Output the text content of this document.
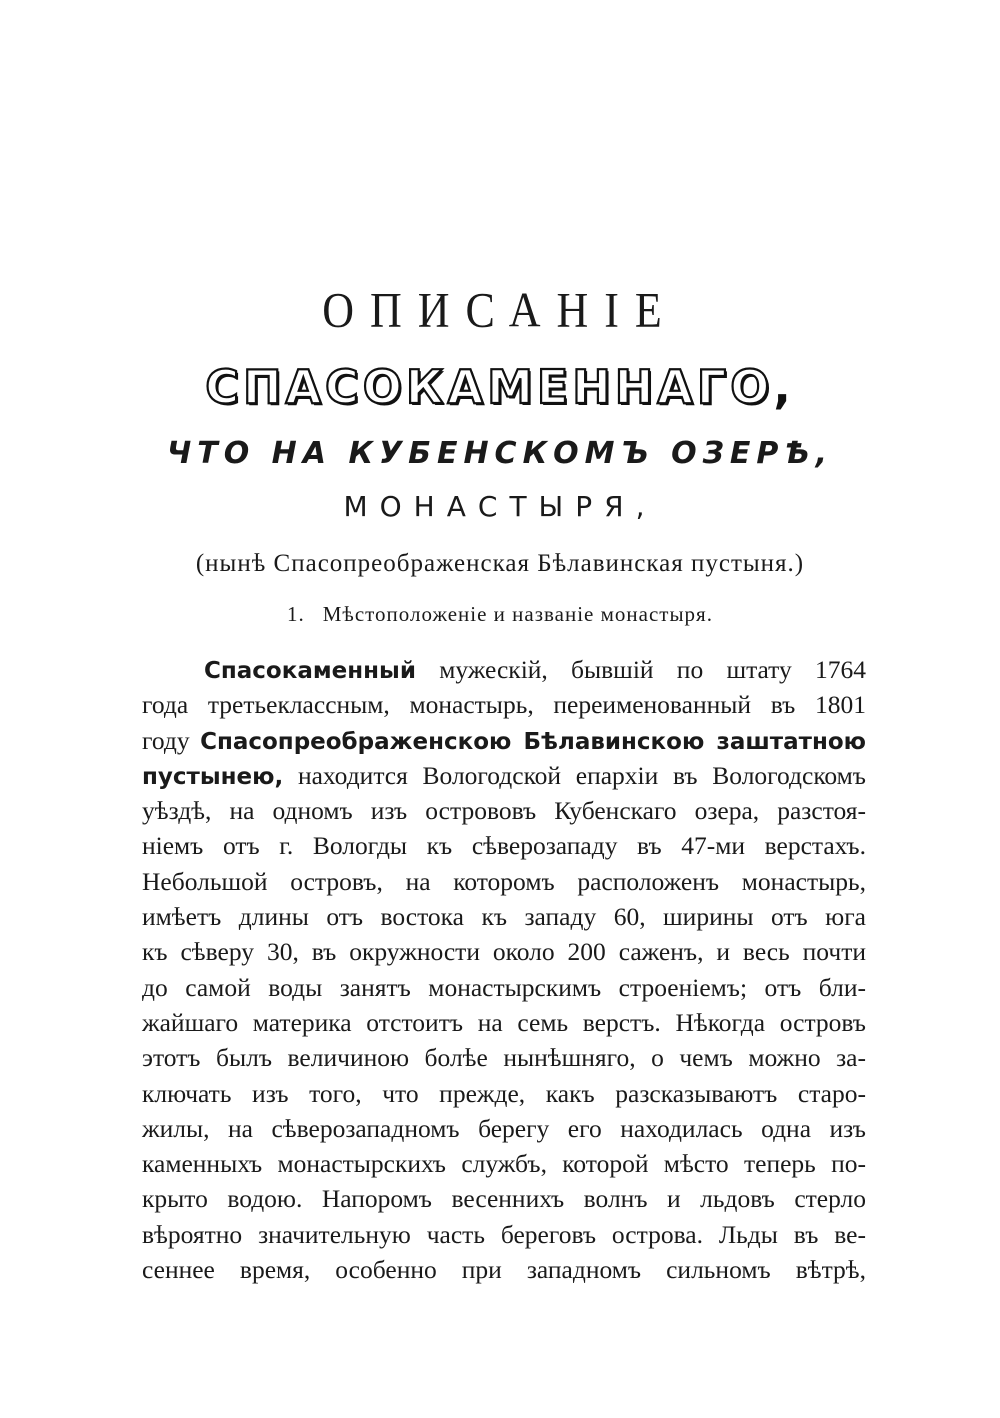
ОПИСАНІЕ
СПАСОКАМЕННАГО,
ЧТО НА КУБЕНСКОМЪ ОЗЕРѢ,
МОНАСТЫРЯ,
(нынѣ Спасопреображенская Бѣлавинская пустыня.)
1. Мѣстоположеніе и названіе монастыря.
Спасокаменный мужескій, бывшій по штату 1764
года третьеклассным, монастырь, переименованный въ 1801
году Спасопреображенскою Бѣлавинскою заштатною
пустынею, находится Вологодской епархіи въ Вологодскомъ
уѣздѣ, на одномъ изъ острововъ Кубенскаго озера, разстоя-
ніемъ отъ г. Вологды къ сѣверозападу въ 47-ми верстахъ.
Небольшой островъ, на которомъ расположенъ монастырь,
имѣетъ длины отъ востока къ западу 60, ширины отъ юга
къ сѣверу 30, въ окружности около 200 саженъ, и весь почти
до самой воды занятъ монастырскимъ строеніемъ; отъ бли-
жайшаго материка отстоитъ на семь верстъ. Нѣкогда островъ
этотъ былъ величиною болѣе нынѣшняго, о чемъ можно за-
ключать изъ того, что прежде, какъ разсказываютъ старо-
жилы, на сѣверозападномъ берегу его находилась одна изъ
каменныхъ монастырскихъ службъ, которой мѣсто теперь по-
крыто водою. Напоромъ весеннихъ волнъ и льдовъ стерло
вѣроятно значительную часть береговъ острова. Льды въ ве-
сеннее время, особенно при западномъ сильномъ вѣтрѣ,
